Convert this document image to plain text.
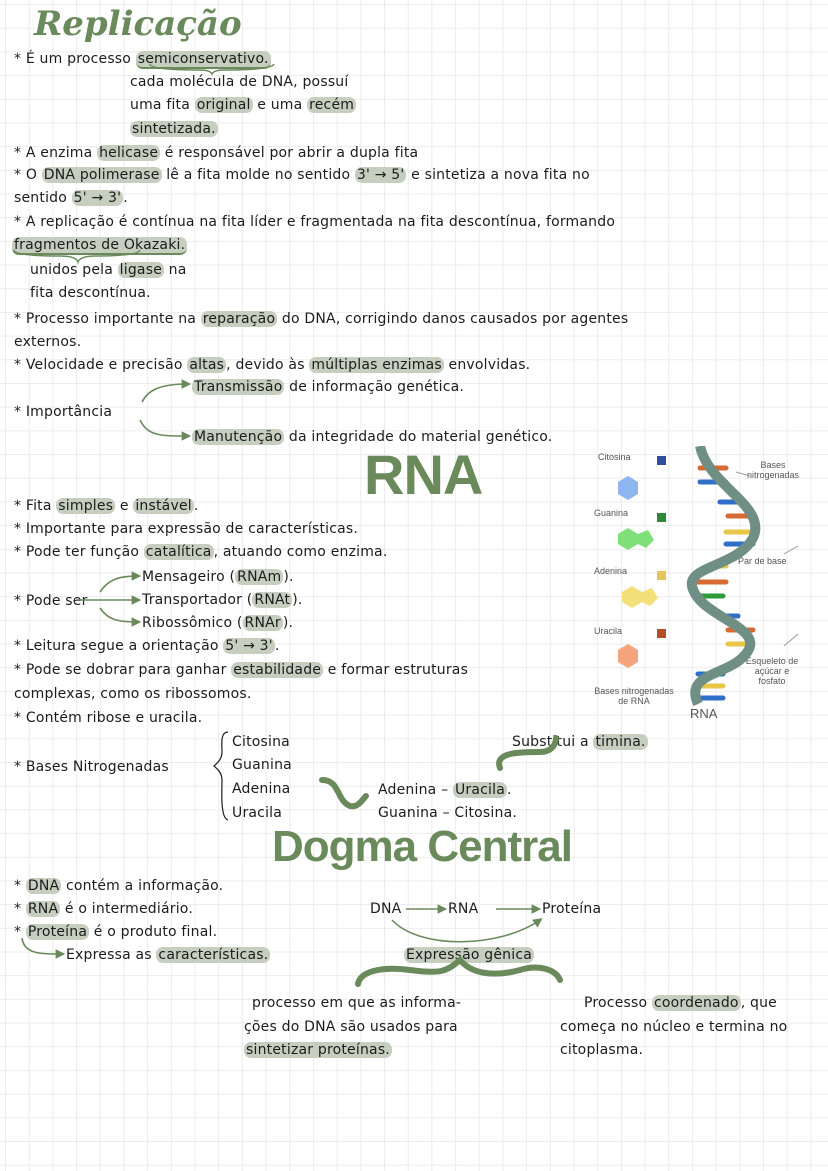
Replicação
* É um processo semiconservativo.
cada molécula de DNA, possuí
uma fita original e uma recém
sintetizada.
* A enzima helicase é responsável por abrir a dupla fita
* O DNA polimerase lê a fita molde no sentido 3' → 5' e sintetiza a nova fita no
sentido 5' → 3' .
* A replicação é contínua na fita líder e fragmentada na fita descontínua, formando
fragmentos de Okazaki.
unidos pela ligase na
fita descontínua.
* Processo importante na reparação do DNA, corrigindo danos causados por agentes
externos.
* Velocidade e precisão altas , devido às múltiplas enzimas envolvidas.
* Importância
Transmissão de informação genética.
Manutenção da integridade do material genético.
RNA
* Fita simples e instável .
* Importante para expressão de características.
* Pode ter função catalítica , atuando como enzima.
* Pode ser
Mensageiro ( RNAm ).
Transportador ( RNAt ).
Ribossômico ( RNAr ).
* Leitura segue a orientação 5' → 3' .
* Pode se dobrar para ganhar estabilidade e formar estruturas
complexas, como os ribossomos.
* Contém ribose e uracila.
* Bases Nitrogenadas
Citosina
Guanina
Adenina
Uracila
Adenina – Uracila .
Guanina – Citosina.
Substitui a timina.
Citosina
Guanina
Adenina
Uracila
Bases nitrogenadas de RNA
Bases nitrogenadas
Par de base
Esqueleto de açúcar e fosfato
RNA
Dogma Central
* DNA contém a informação.
* RNA é o intermediário.
* Proteína é o produto final.
Expressa as características.
DNA	RNA	Proteína
Expressão gênica
processo em que as informa-
ções do DNA são usados para
sintetizar proteínas.
Processo coordenado , que
começa no núcleo e termina no
citoplasma.
